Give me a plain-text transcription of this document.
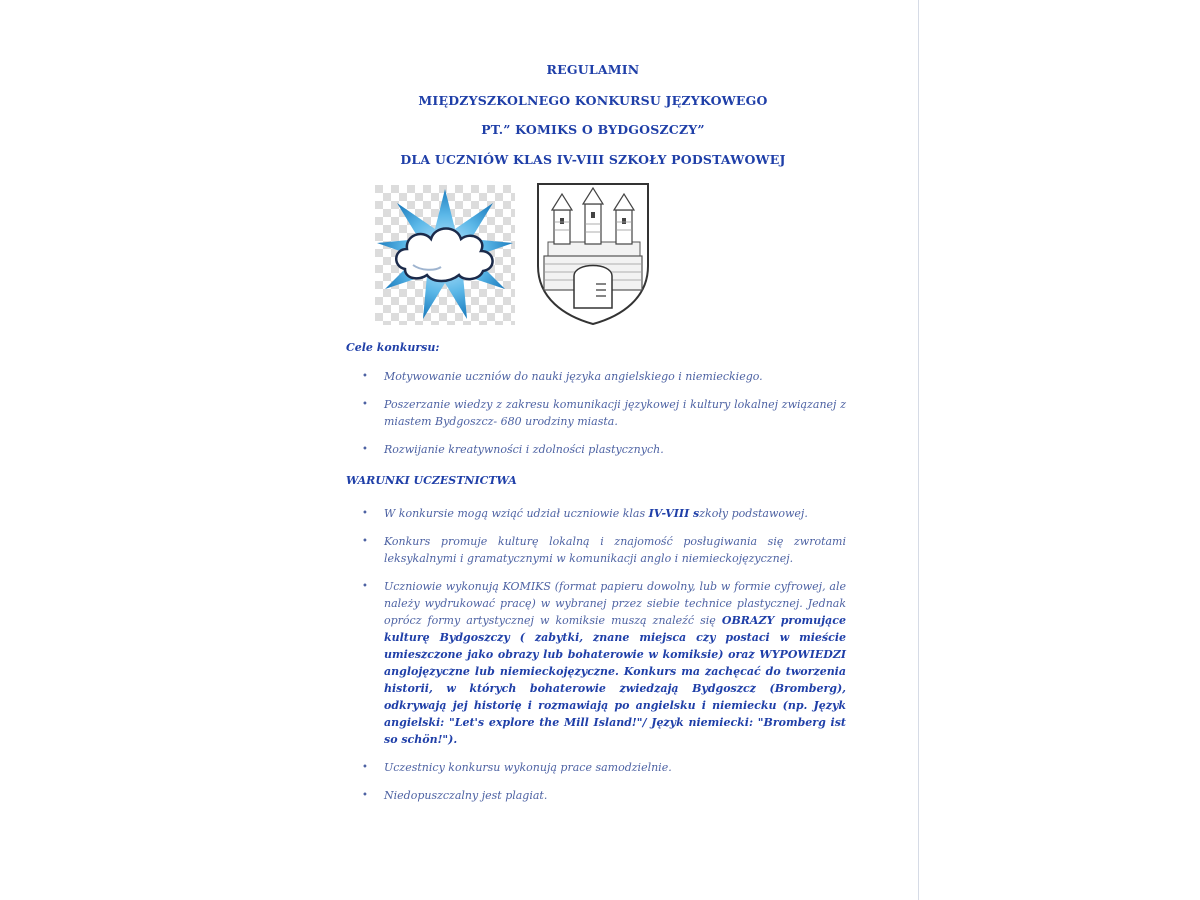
REGULAMIN
MIĘDZYSZKOLNEGO KONKURSU JĘZYKOWEGO
PT.” KOMIKS O BYDGOSZCZY”
DLA UCZNIÓW KLAS IV-VIII SZKOŁY PODSTAWOWEJ
Cele konkursu:
• Motywowanie uczniów do nauki języka angielskiego i niemieckiego.
• Poszerzanie wiedzy z zakresu komunikacji językowej i kultury lokalnej związanej z miastem Bydgoszcz- 680 urodziny miasta.
• Rozwijanie kreatywności i zdolności plastycznych.
WARUNKI UCZESTNICTWA
• W konkursie mogą wziąć udział uczniowie klas IV-VIII szkoły podstawowej.
• Konkurs promuje kulturę lokalną i znajomość posługiwania się zwrotami leksykalnymi i gramatycznymi w komunikacji anglo i niemieckojęzycznej.
• Uczniowie wykonują KOMIKS (format papieru dowolny, lub w formie cyfrowej, ale należy wydrukować pracę) w wybranej przez siebie technice plastycznej. Jednak oprócz formy artystycznej w komiksie muszą znaleźć się OBRAZY promujące kulturę Bydgoszczy ( zabytki, znane miejsca czy postaci w mieście umieszczone jako obrazy lub bohaterowie w komiksie) oraz WYPOWIEDZI anglojęzyczne lub niemieckojęzyczne. Konkurs ma zachęcać do tworzenia historii, w których bohaterowie zwiedzają Bydgoszcz (Bromberg), odkrywają jej historię i rozmawiają po angielsku i niemiecku (np. Język angielski: "Let's explore the Mill Island!"/ Język niemiecki: "Bromberg ist so schön!").
• Uczestnicy konkursu wykonują prace samodzielnie.
• Niedopuszczalny jest plagiat.
